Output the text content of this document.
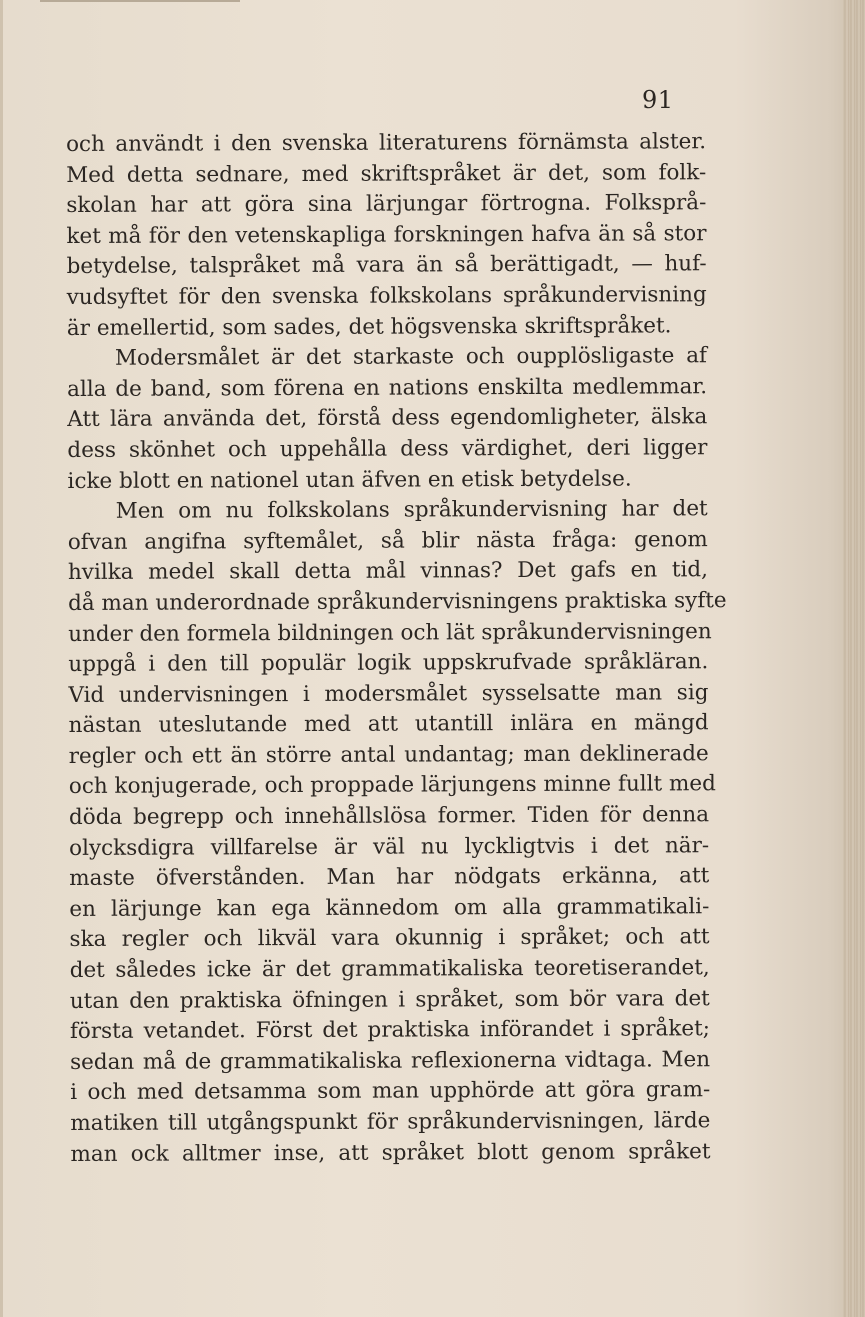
91
och användt i den svenska literaturens förnämsta alster.
Med detta sednare, med skriftspråket är det, som folk-
skolan har att göra sina lärjungar förtrogna. Folksprå-
ket må för den vetenskapliga forskningen hafva än så stor
betydelse, talspråket må vara än så berättigadt, — huf-
vudsyftet för den svenska folkskolans språkundervisning
är emellertid, som sades, det högsvenska skriftspråket.
Modersmålet är det starkaste och oupplösligaste af
alla de band, som förena en nations enskilta medlemmar.
Att lära använda det, förstå dess egendomligheter, älska
dess skönhet och uppehålla dess värdighet, deri ligger
icke blott en nationel utan äfven en etisk betydelse.
Men om nu folkskolans språkundervisning har det
ofvan angifna syftemålet, så blir nästa fråga: genom
hvilka medel skall detta mål vinnas? Det gafs en tid,
då man underordnade språkundervisningens praktiska syfte
under den formela bildningen och lät språkundervisningen
uppgå i den till populär logik uppskrufvade språkläran.
Vid undervisningen i modersmålet sysselsatte man sig
nästan uteslutande med att utantill inlära en mängd
regler och ett än större antal undantag; man deklinerade
och konjugerade, och proppade lärjungens minne fullt med
döda begrepp och innehållslösa former. Tiden för denna
olycksdigra villfarelse är väl nu lyckligtvis i det när-
maste öfverstånden. Man har nödgats erkänna, att
en lärjunge kan ega kännedom om alla grammatikali-
ska regler och likväl vara okunnig i språket; och att
det således icke är det grammatikaliska teoretiserandet,
utan den praktiska öfningen i språket, som bör vara det
första vetandet. Först det praktiska införandet i språket;
sedan må de grammatikaliska reflexionerna vidtaga. Men
i och med detsamma som man upphörde att göra gram-
matiken till utgångspunkt för språkundervisningen, lärde
man ock alltmer inse, att språket blott genom språket
